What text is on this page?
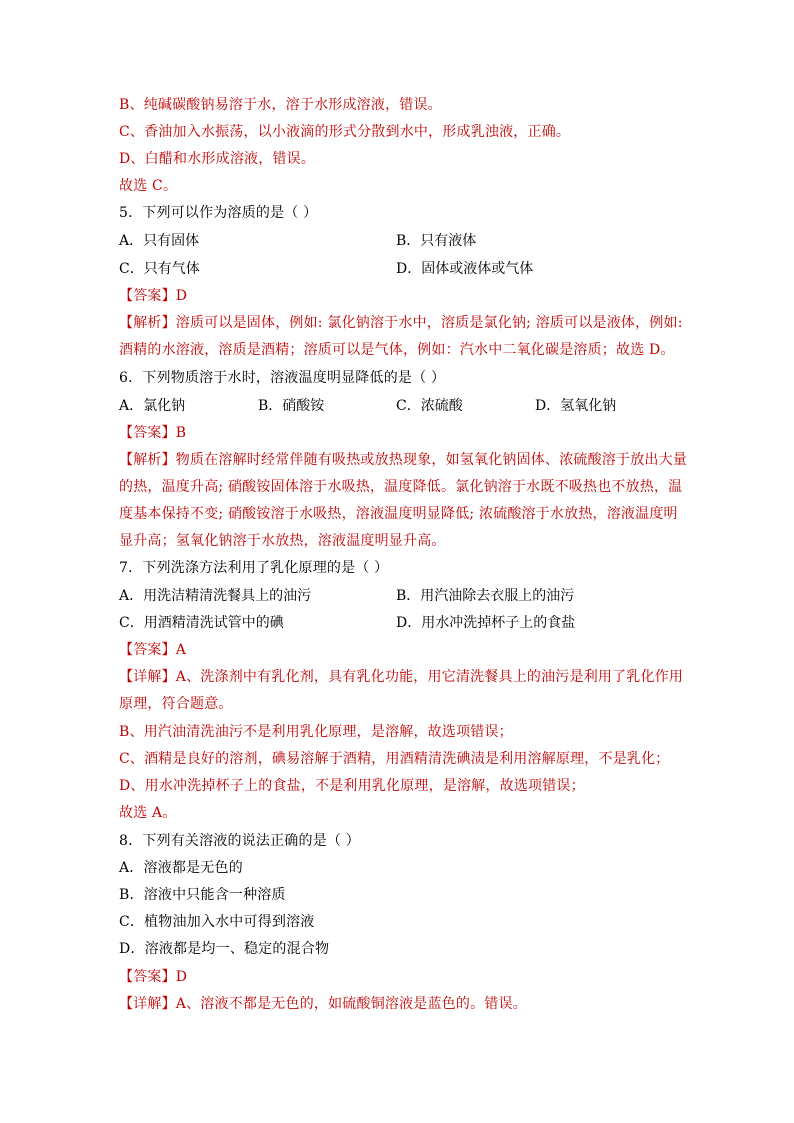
B、纯碱碳酸钠易溶于水，溶于水形成溶液，错误。
C、香油加入水振荡，以小液滴的形式分散到水中，形成乳浊液，正确。
D、白醋和水形成溶液，错误。
故选 C。
5．下列可以作为溶质的是（ ）
A．只有固体	B．只有液体
C．只有气体	D．固体或液体或气体
【答案】D
【解析】溶质可以是固体，例如: 氯化钠溶于水中，溶质是氯化钠; 溶质可以是液体，例如:
酒精的水溶液，溶质是酒精；溶质可以是气体，例如：汽水中二氧化碳是溶质；故选 D。
6．下列物质溶于水时，溶液温度明显降低的是（ ）
A．氯化钠	B．硝酸铵	C．浓硫酸	D．氢氧化钠
【答案】B
【解析】物质在溶解时经常伴随有吸热或放热现象，如氢氧化钠固体、浓硫酸溶于放出大量
的热，温度升高; 硝酸铵固体溶于水吸热，温度降低。氯化钠溶于水既不吸热也不放热，温
度基本保持不变; 硝酸铵溶于水吸热，溶液温度明显降低; 浓硫酸溶于水放热，溶液温度明
显升高；氢氧化钠溶于水放热，溶液温度明显升高。
7．下列洗涤方法利用了乳化原理的是（ ）
A．用洗洁精清洗餐具上的油污	B．用汽油除去衣服上的油污
C．用酒精清洗试管中的碘	D．用水冲洗掉杯子上的食盐
【答案】A
【详解】A、洗涤剂中有乳化剂，具有乳化功能，用它清洗餐具上的油污是利用了乳化作用
原理，符合题意。
B、用汽油清洗油污不是利用乳化原理，是溶解，故选项错误；
C、酒精是良好的溶剂，碘易溶解于酒精，用酒精清洗碘渍是利用溶解原理，不是乳化；
D、用水冲洗掉杯子上的食盐，不是利用乳化原理，是溶解，故选项错误；
故选 A。
8．下列有关溶液的说法正确的是（ ）
A．溶液都是无色的
B．溶液中只能含一种溶质
C．植物油加入水中可得到溶液
D．溶液都是均一、稳定的混合物
【答案】D
【详解】A、溶液不都是无色的，如硫酸铜溶液是蓝色的。错误。
